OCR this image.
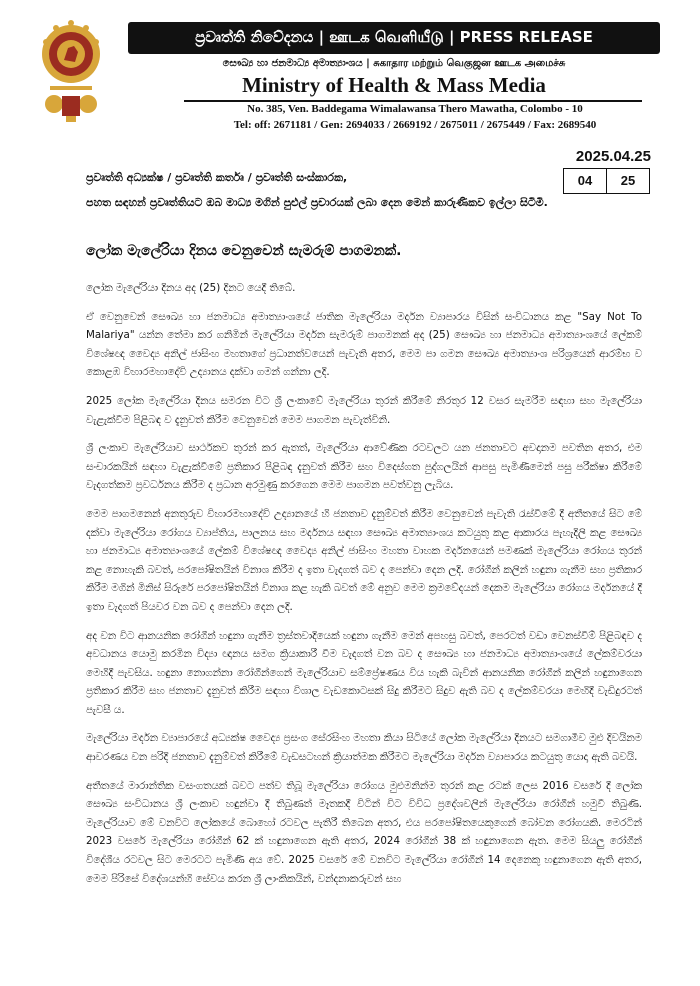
ප්‍රවෘත්ති නිවේදනය | ஊடக வெளியீடு | PRESS RELEASE
සෞඛ්‍ය හා ජනමාධ්‍ය අමාත්‍යාංශය | சுகாதார மற்றும் வெகுஜன ஊடக அமைச்சு
Ministry of Health & Mass Media
No. 385, Ven. Baddegama Wimalawansa Thero Mawatha, Colombo - 10
Tel: off: 2671181 / Gen: 2694033 / 2669192 / 2675011 / 2675449 / Fax: 2689540
2025.04.25
04	25
ප්‍රවෘත්ති අධ්‍යක්ෂ / ප්‍රවෘත්ති කර්තෘ / ප්‍රවෘත්ති සංස්කාරක,
පහත සඳහන් ප්‍රවෘත්තියට ඔබ මාධ්‍ය මගින් පුළුල් ප්‍රචාරයක් ලබා දෙන මෙන් කාරුණිකව ඉල්ලා සිටිමි.
ලෝක මැලේරියා දිනය වෙනුවෙන් සැමරුම් පාගමනක්.

ලෝක මැලේරියා දිනය අද (25) දිනට යෙදී තිබේ.

ඒ වෙනුවෙන් සෞඛ්‍ය හා ජනමාධ්‍ය අමාත්‍යාංශයේ ජාතික මැලේරියා මර්දන ව්‍යාපාරය විසින් සංවිධානය කළ "Say Not To Malariya" යන්න තේමා කර ගනිමින් මැලේරියා මර්දන සැමරුම් පාගමනක් අද (25) සෞඛ්‍ය හා ජනමාධ්‍ය අමාත්‍යාංශයේ ලේකම් විශේෂඥ වෛද්‍ය අනිල් ජාසිංහ මහතාගේ ප්‍රධානත්වයෙන් පැවැති අතර, මෙම පා ගමන සෞඛ්‍ය අමාත්‍යාංශ පරිශ්‍රයෙන් ආරම්භ ව කොළඹ විහාරමහාදේවි උද්‍යානය දක්වා ගමන් ගන්නා ලදි.

2025 ලෝක මැලේරියා දිනය සමරන විට ශ්‍රී ලංකාවේ මැලේරියා තුරන් කිරීමේ නිරතුර 12 වසර සැමරීම සඳහා සහ මැලේරියා වැළැක්වීම පිළිබඳ ව දැනුවත් කිරීම වෙනුවෙන් මෙම පාගමන පැවැත්විනි.

ශ්‍රී ලංකාව මැලේරියාව සාර්ථකව තුරන් කර ඇතත්, මැලේරියා ආවේණික රටවලට යන ජනතාවට අවදානම පවතින අතර, එම සංචාරකයින් සඳහා වැළැක්වීමේ ප්‍රතිකාර පිළිබඳ දැනුවත් කිරීම සහ විදෙස්ගත පුද්ගලයින් ආපසු පැමිණීමෙන් පසු පරීක්ෂා කිරීමේ වැදගත්කම ප්‍රවර්ධනය කිරීම ද ප්‍රධාන අරමුණු කරගෙන මෙම පාගමන පවත්වනු ලැබිය.

මෙම පාගමනෙන් අනතුරුව විහාරමහාදේවි උද්‍යානයේ හි ජනතාව දැනුම්වත් කිරීම වෙනුවෙන් පැවැති රැස්වීමේ දී අතීතයේ සිට මේ දක්වා මැලේරියා රෝගය ව්‍යාප්තිය, පාලනය සහ මර්දනය සඳහා සෞඛ්‍ය අමාත්‍යාංශය කටයුතු කළ ආකාරය පැහැදිලි කළ සෞඛ්‍ය හා ජනමාධ්‍ය අමාත්‍යාංශයේ ලේකම් විශේෂඥ වෛද්‍ය අනිල් ජාසිංහ මහතා වාහක මර්දනයෙන් පමණක් මැලේරියා රෝගය තුරන් කළ නොහැකි බවත්, පරපෝෂිතයින් විනාශ කිරීම ද ඉතා වැදගත් බව ද පෙන්වා දෙන ලදි. රෝගීන් කලින් හඳුනා ගැනීම සහ ප්‍රතිකාර කිරීම මගින් මිනිස් සිරුරේ පරපෝෂිතයින් විනාශ කළ හැකි බවත් මේ අනුව මෙම ක්‍රමවේදයන් දෙකම මැලේරියා රෝගය මර්දනයේ දී ඉතා වැදගත් පියවර වන බව ද පෙන්වා දෙන ලදි.

අද වන විට ආනයනික රෝගීන් හඳුනා ගැනීම ත්‍රස්තවාදියෙක් හඳුනා ගැනීම මෙන් අපහසු බවත්, පෙරටත් වඩා වෙනස්වීම් පිළිබඳව ද අවධානය යොමු කරමින විද්‍යා ඥානය සමග ක්‍රියාකාරී වීම වැදගත් වන බව ද සෞඛ්‍ය හා ජනමාධ්‍ය අමාත්‍යාංශයේ ලේකම්වරයා මෙහිදී පැවසිය. හඳුනා නොගන්නා රෝගීන්ගෙන් මැලේරියාව සම්ප්‍රේෂණය විය හැකි බැවින් ආනයනික රෝගීන් කලින් හඳුනාගෙන ප්‍රතිකාර කිරීම සහ ජනතාව දැනුවත් කිරීම සඳහා විශාල වැඩකොටසක් සිදු කිරීමට සිදුව ඇති බව ද ලේකම්වරයා මෙහිදී වැඩිදුරටත් පැවසී ය.

මැලේරියා මර්දන ව්‍යාපාරයේ අධ්‍යක්ෂ වෛද්‍ය ප්‍රසංග සේරසිංහ මහතා කියා සිටියේ ලෝක මැලේරියා දිනයට සමගාමීව මුළු දිවයිනම ආවරණය වන පරිදි ජනතාව දැනුම්වත් කිරීමේ වැඩසටහන් ක්‍රියාත්මක කිරීමට මැලේරියා මර්දන ව්‍යාපාරය කටයුතු යොදා ඇති බවයි.

අතීතයේ මාරාන්තික වසංගතයක් බවට පත්ව තිබූ මැලේරියා රෝගය මුළුමනින්ම තුරන් කළ රටක් ලෙස 2016 වසරේ දී ලෝක සෞඛ්‍ය සංවිධානය ශ්‍රී ලංකාව හඳුන්වා දී තිබුණත් මෑතකදී විටින් විට විවිධ ප්‍රදේශවලින් මැලේරියා රෝගීන් හමුවී තිබුණි. මැලේරියාව මේ වනවිට ලෝකයේ බොහෝ රටවල පැතිරී තිබෙන අතර, එය පරපෝෂිතයෙකුගෙන් බෝවන රෝගයකි. මෙරටින් 2023 වසරේ මැලේරියා රෝගීන් 62 ක් හඳුනාගෙන ඇති අතර, 2024 රෝගීන් 38 ක් හඳුනාගෙන ඇත. මෙම සියලු රෝගීන් විදේශීය රටවල සිට මෙරටට පැමිණි අය වේ. 2025 වසරේ මේ වනවිට මැලේරියා රෝගීන් 14 දෙනෙකු හඳුනාගෙන ඇති අතර, මෙම පිරිසේ විදේශයන්හි සේවය කරන ශ්‍රී ලාංකිකයින්, වන්දනාකරුවන් සහ
